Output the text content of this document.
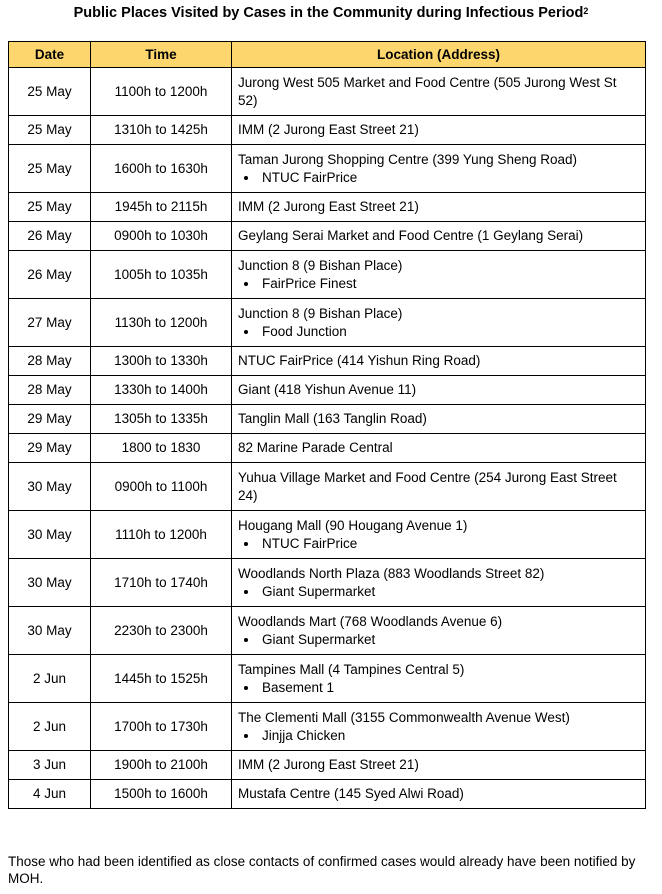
Public Places Visited by Cases in the Community during Infectious Period$^2$
Date	Time	Location (Address)
25 May	1100h to 1200h	Jurong West 505 Market and Food Centre (505 Jurong West St 52)
25 May	1310h to 1425h	IMM (2 Jurong East Street 21)
25 May	1600h to 1630h	Taman Jurong Shopping Centre (399 Yung Sheng Road)
NTUC FairPrice

25 May	1945h to 2115h	IMM (2 Jurong East Street 21)
26 May	0900h to 1030h	Geylang Serai Market and Food Centre (1 Geylang Serai)
26 May	1005h to 1035h	Junction 8 (9 Bishan Place)
FairPrice Finest

27 May	1130h to 1200h	Junction 8 (9 Bishan Place)
Food Junction

28 May	1300h to 1330h	NTUC FairPrice (414 Yishun Ring Road)
28 May	1330h to 1400h	Giant (418 Yishun Avenue 11)
29 May	1305h to 1335h	Tanglin Mall (163 Tanglin Road)
29 May	1800 to 1830	82 Marine Parade Central
30 May	0900h to 1100h	Yuhua Village Market and Food Centre (254 Jurong East Street 24)
30 May	1110h to 1200h	Hougang Mall (90 Hougang Avenue 1)
NTUC FairPrice

30 May	1710h to 1740h	Woodlands North Plaza (883 Woodlands Street 82)
Giant Supermarket

30 May	2230h to 2300h	Woodlands Mart (768 Woodlands Avenue 6)
Giant Supermarket

2 Jun	1445h to 1525h	Tampines Mall (4 Tampines Central 5)
Basement 1

2 Jun	1700h to 1730h	The Clementi Mall (3155 Commonwealth Avenue West)
Jinjja Chicken

3 Jun	1900h to 2100h	IMM (2 Jurong East Street 21)
4 Jun	1500h to 1600h	Mustafa Centre (145 Syed Alwi Road)
Those who had been identified as close contacts of confirmed cases would already have been notified by MOH.
